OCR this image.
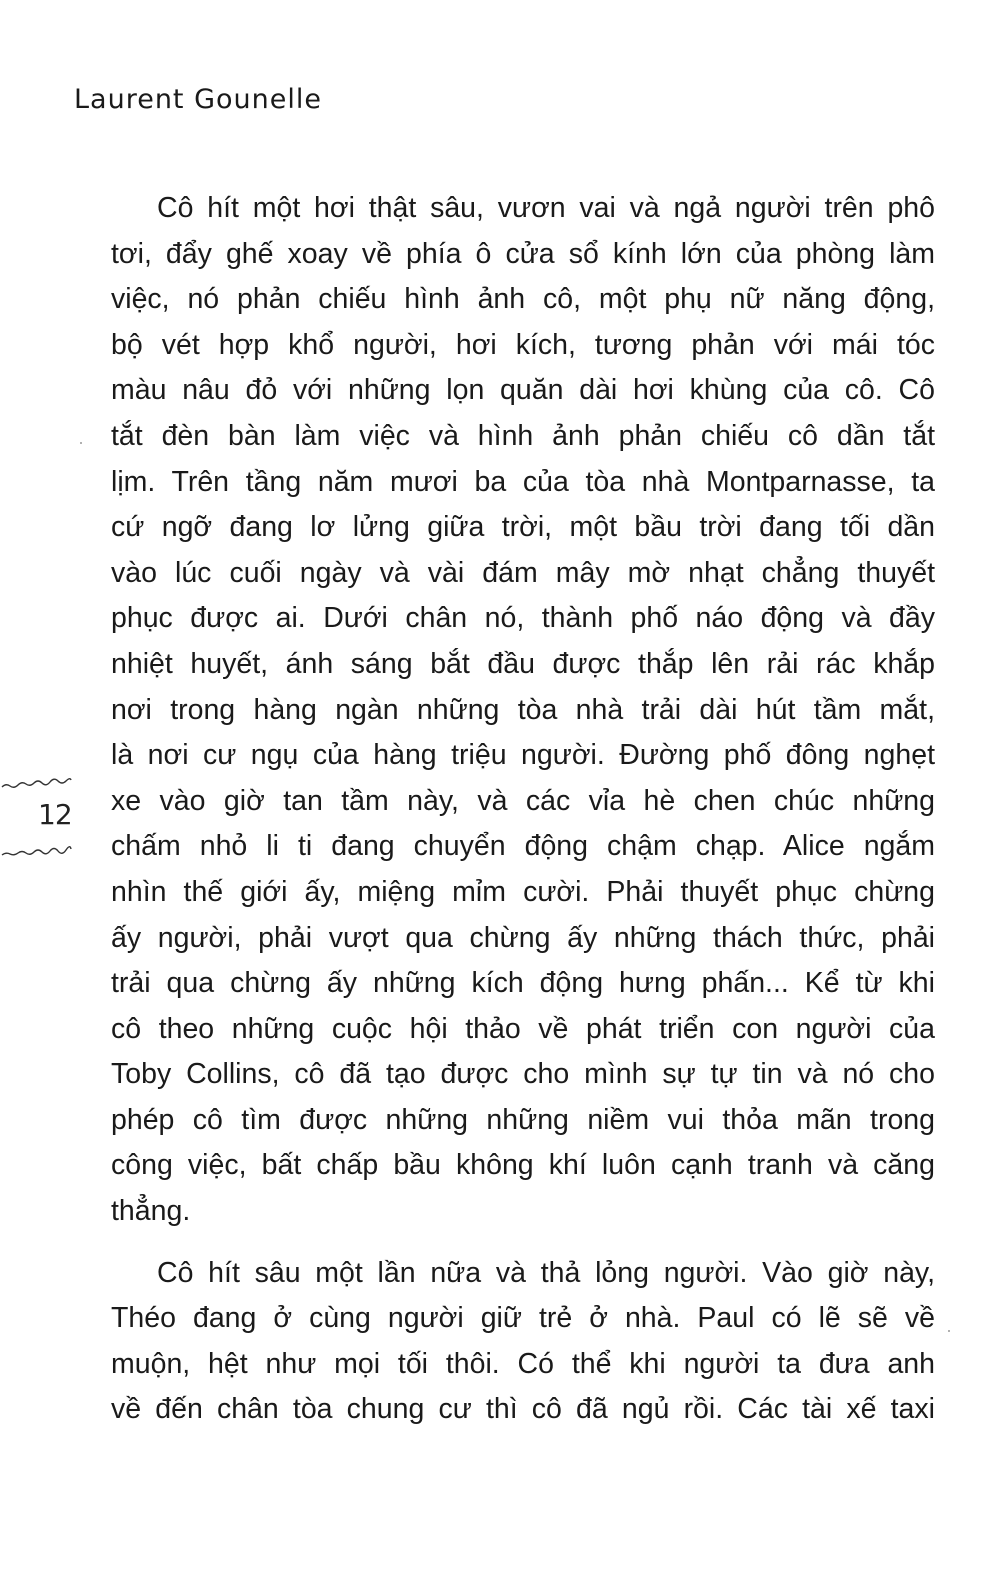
Laurent Gounelle
12
Cô hít một hơi thật sâu, vươn vai và ngả người trên phô
tơi, đẩy ghế xoay về phía ô cửa sổ kính lớn của phòng làm
việc, nó phản chiếu hình ảnh cô, một phụ nữ năng động,
bộ vét hợp khổ người, hơi kích, tương phản với mái tóc
màu nâu đỏ với những lọn quăn dài hơi khùng của cô. Cô
tắt đèn bàn làm việc và hình ảnh phản chiếu cô dần tắt
lịm. Trên tầng năm mươi ba của tòa nhà Montparnasse, ta
cứ ngỡ đang lơ lửng giữa trời, một bầu trời đang tối dần
vào lúc cuối ngày và vài đám mây mờ nhạt chẳng thuyết
phục được ai. Dưới chân nó, thành phố náo động và đầy
nhiệt huyết, ánh sáng bắt đầu được thắp lên rải rác khắp
nơi trong hàng ngàn những tòa nhà trải dài hút tầm mắt,
là nơi cư ngụ của hàng triệu người. Đường phố đông nghẹt
xe vào giờ tan tầm này, và các vỉa hè chen chúc những
chấm nhỏ li ti đang chuyển động chậm chạp. Alice ngắm
nhìn thế giới ấy, miệng mỉm cười. Phải thuyết phục chừng
ấy người, phải vượt qua chừng ấy những thách thức, phải
trải qua chừng ấy những kích động hưng phấn... Kể từ khi
cô theo những cuộc hội thảo về phát triển con người của
Toby Collins, cô đã tạo được cho mình sự tự tin và nó cho
phép cô tìm được những những niềm vui thỏa mãn trong
công việc, bất chấp bầu không khí luôn cạnh tranh và căng
thẳng.
Cô hít sâu một lần nữa và thả lỏng người. Vào giờ này,
Théo đang ở cùng người giữ trẻ ở nhà. Paul có lẽ sẽ về
muộn, hệt như mọi tối thôi. Có thể khi người ta đưa anh
về đến chân tòa chung cư thì cô đã ngủ rồi. Các tài xế taxi
